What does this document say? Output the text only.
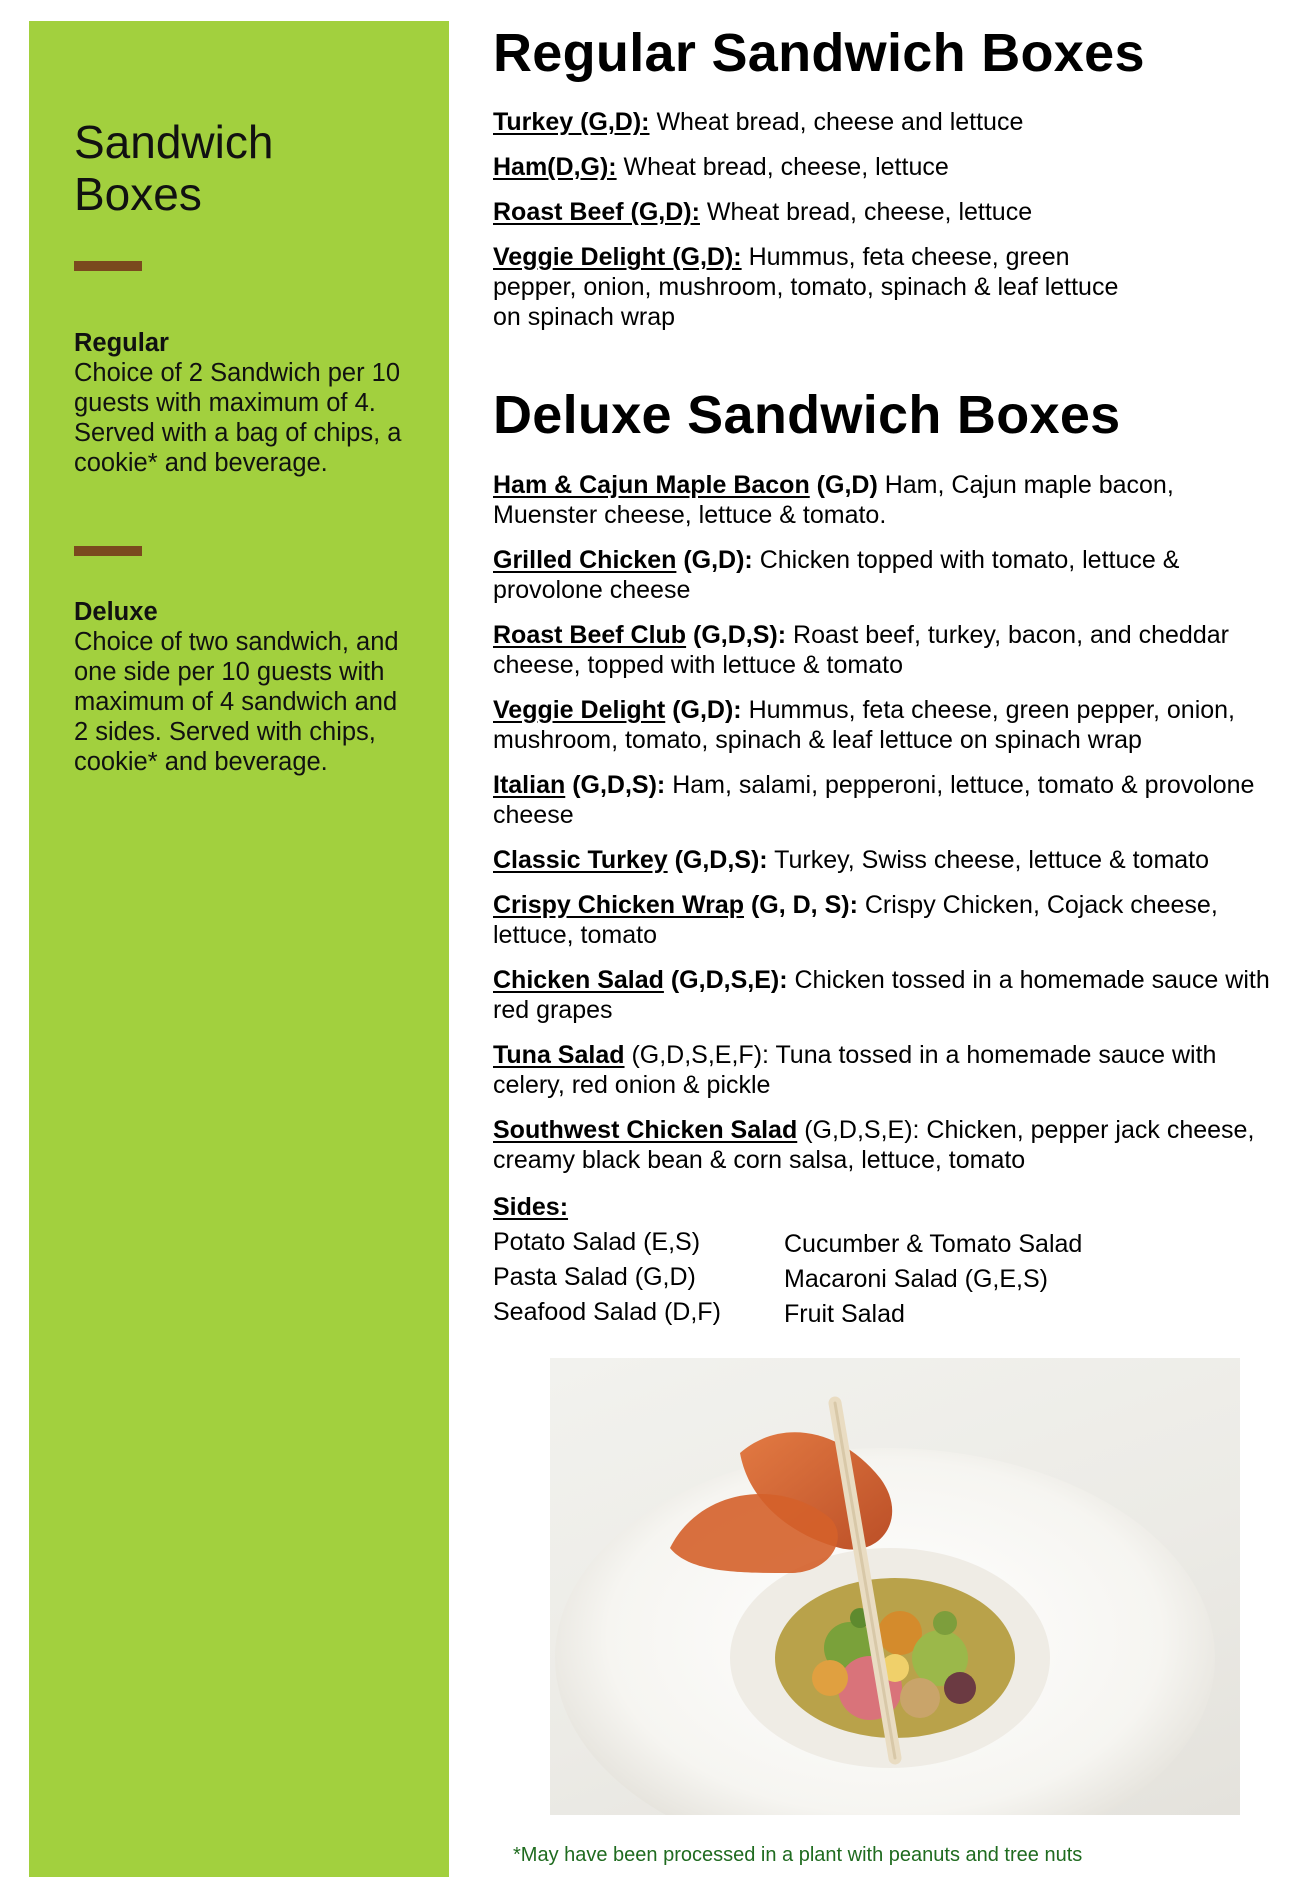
Sandwich
Boxes
Regular
Choice of 2 Sandwich per 10 guests with maximum of 4. Served with a bag of chips, a cookie* and beverage.
Deluxe
Choice of two sandwich, and one side per 10 guests with maximum of 4 sandwich and 2 sides. Served with chips, cookie* and beverage.
Regular Sandwich Boxes
Turkey (G,D): Wheat bread, cheese and lettuce
Ham(D,G): Wheat bread, cheese, lettuce
Roast Beef (G,D): Wheat bread, cheese, lettuce
Veggie Delight (G,D): Hummus, feta cheese, green pepper, onion, mushroom, tomato, spinach & leaf lettuce on spinach wrap
Deluxe Sandwich Boxes
Ham & Cajun Maple Bacon (G,D) Ham, Cajun maple bacon, Muenster cheese, lettuce & tomato.
Grilled Chicken (G,D): Chicken topped with tomato, lettuce & provolone cheese
Roast Beef Club (G,D,S): Roast beef, turkey, bacon, and cheddar cheese, topped with lettuce & tomato
Veggie Delight (G,D): Hummus, feta cheese, green pepper, onion, mushroom, tomato, spinach & leaf lettuce on spinach wrap
Italian (G,D,S): Ham, salami, pepperoni, lettuce, tomato & provolone cheese
Classic Turkey (G,D,S): Turkey, Swiss cheese, lettuce & tomato
Crispy Chicken Wrap (G, D, S): Crispy Chicken, Cojack cheese, lettuce, tomato
Chicken Salad (G,D,S,E): Chicken tossed in a homemade sauce with red grapes
Tuna Salad (G,D,S,E,F): Tuna tossed in a homemade sauce with celery, red onion & pickle
Southwest Chicken Salad (G,D,S,E): Chicken, pepper jack cheese, creamy black bean & corn salsa, lettuce, tomato
Sides:
Potato Salad (E,S)
Pasta Salad (G,D)
Seafood Salad (D,F)
Cucumber & Tomato Salad
Macaroni Salad (G,E,S)
Fruit Salad
*May have been processed in a plant with peanuts and tree nuts
